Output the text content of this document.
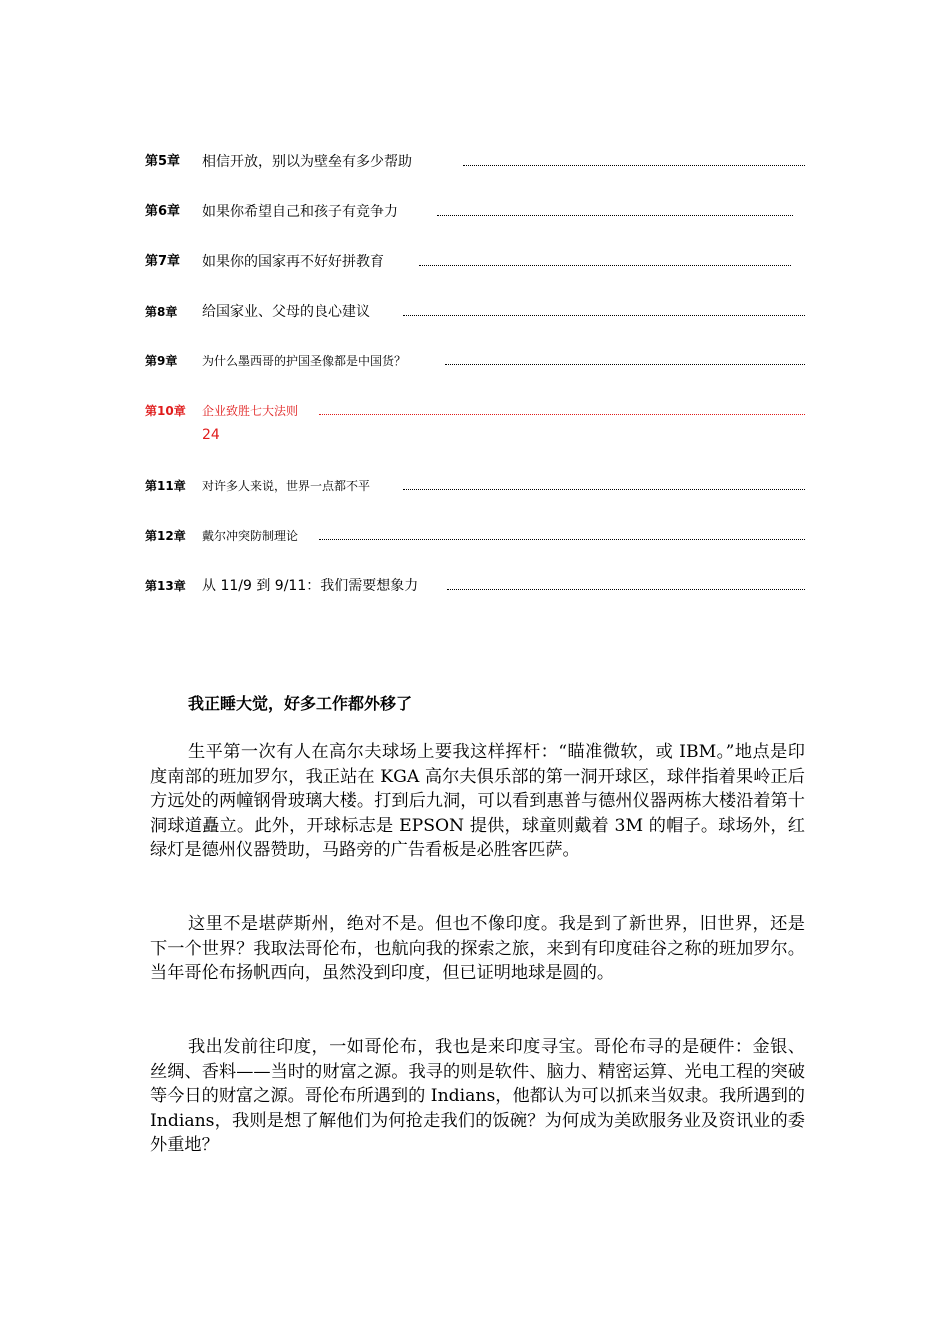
第5章 相信开放，别以为壁垒有多少帮助
第6章 如果你希望自己和孩子有竞争力
第7章 如果你的国家再不好好拼教育
第8章 给国家业、父母的良心建议
第9章 为什么墨西哥的护国圣像都是中国货？
第10章 企业致胜七大法则
24
第11章 对许多人来说，世界一点都不平
第12章 戴尔冲突防制理论
第13章 从 11/9 到 9/11：我们需要想象力
我正睡大觉，好多工作都外移了

生平第一次有人在高尔夫球场上要我这样挥杆：“瞄准微软，或 IBM。”地点是印度南部的班加罗尔，我正站在 KGA 高尔夫俱乐部的第一洞开球区，球伴指着果岭正后方远处的两幢钢骨玻璃大楼。打到后九洞，可以看到惠普与德州仪器两栋大楼沿着第十洞球道矗立。此外，开球标志是 EPSON 提供，球童则戴着 3M 的帽子。球场外，红绿灯是德州仪器赞助，马路旁的广告看板是必胜客匹萨。

这里不是堪萨斯州，绝对不是。但也不像印度。我是到了新世界，旧世界，还是下一个世界？我取法哥伦布，也航向我的探索之旅，来到有印度硅谷之称的班加罗尔。当年哥伦布扬帆西向，虽然没到印度，但已证明地球是圆的。

我出发前往印度，一如哥伦布，我也是来印度寻宝。哥伦布寻的是硬件：金银、丝绸、香料——当时的财富之源。我寻的则是软件、脑力、精密运算、光电工程的突破等今日的财富之源。哥伦布所遇到的 Indians，他都认为可以抓来当奴隶。我所遇到的 Indians，我则是想了解他们为何抢走我们的饭碗？为何成为美欧服务业及资讯业的委外重地？
